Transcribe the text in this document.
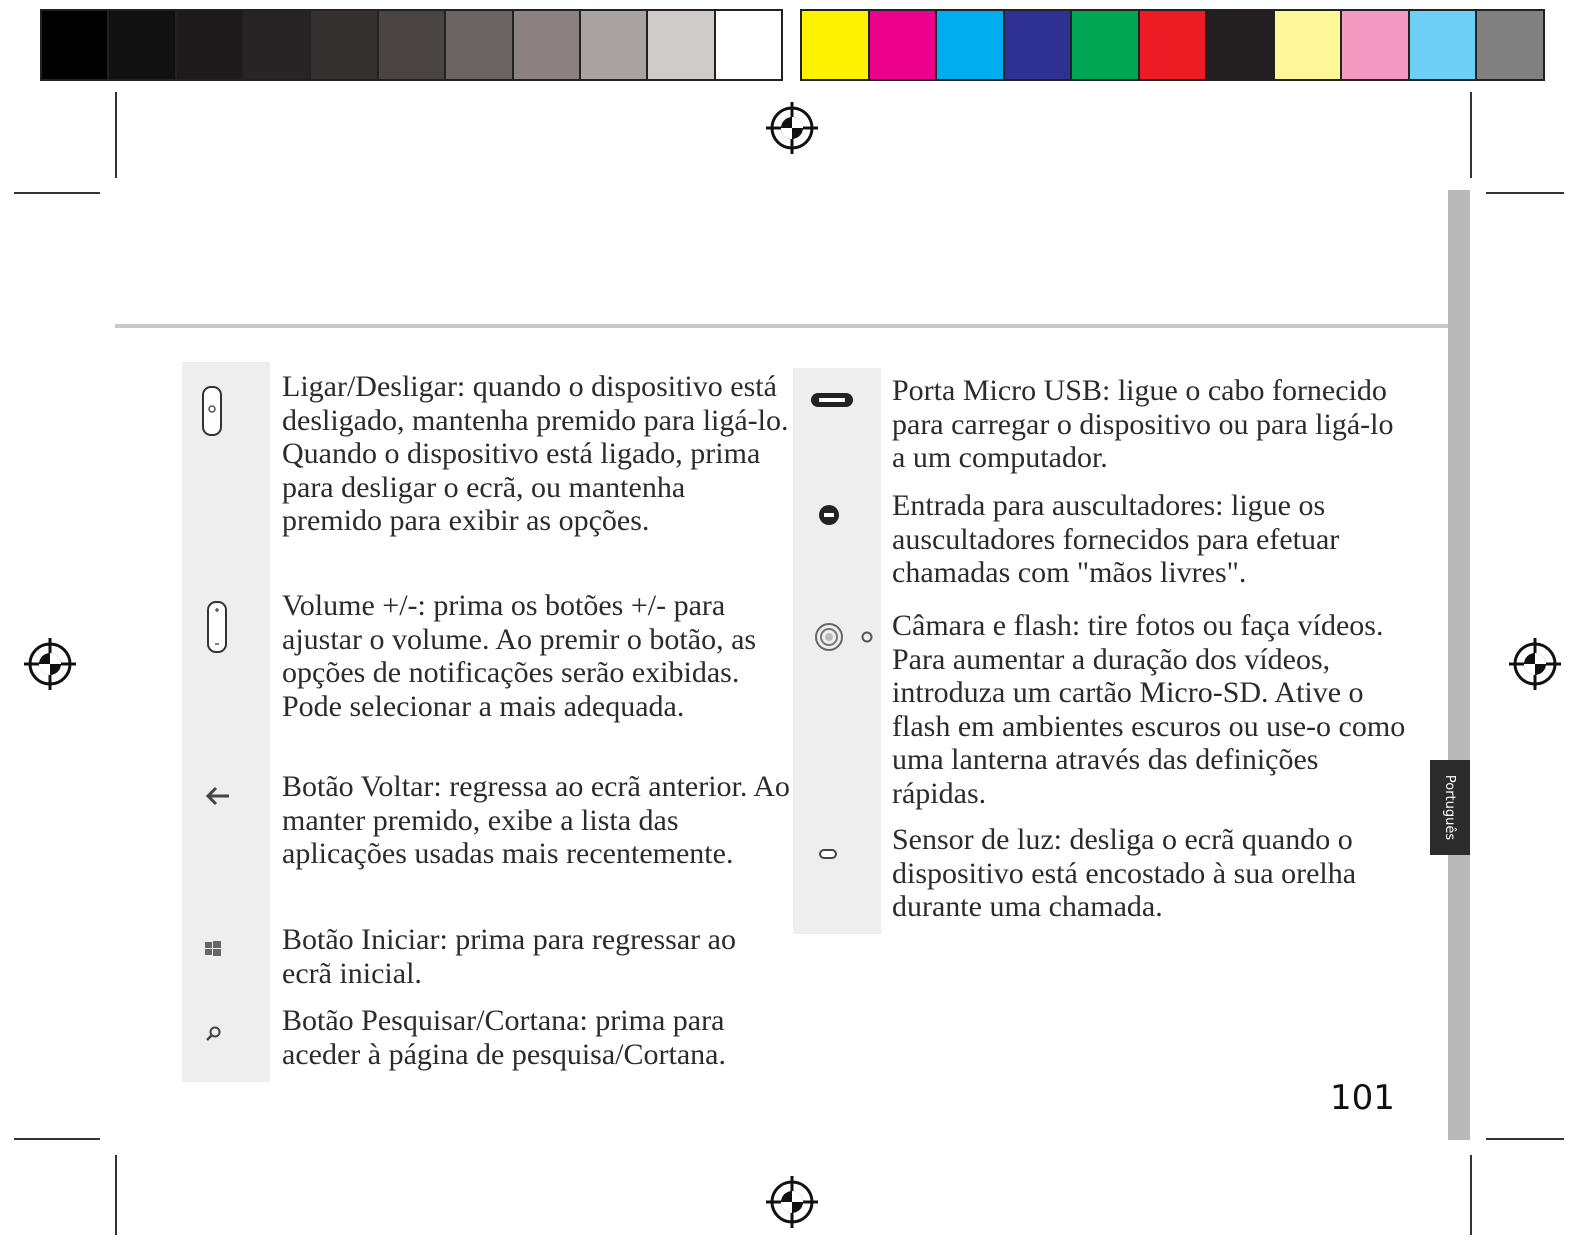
Português

Ligar/Desligar: quando o dispositivo está desligado, mantenha premido para ligá-lo. Quando o dispositivo está ligado, prima para desligar o ecrã, ou mantenha premido para exibir as opções.

Volume +/-: prima os botões +/- para ajustar o volume. Ao premir o botão, as opções de notificações serão exibidas. Pode selecionar a mais adequada.

Botão Voltar: regressa ao ecrã anterior. Ao manter premido, exibe a lista das aplicações usadas mais recentemente.

Botão Iniciar: prima para regressar ao ecrã inicial.

Botão Pesquisar/Cortana: prima para aceder à página de pesquisa/Cortana.

Porta Micro USB: ligue o cabo fornecido para carregar o dispositivo ou para ligá-lo a um computador.

Entrada para auscultadores: ligue os auscultadores fornecidos para efetuar chamadas com "mãos livres".

Câmara e flash: tire fotos ou faça vídeos. Para aumentar a duração dos vídeos, introduza um cartão Micro-SD. Ative o flash em ambientes escuros ou use-o como uma lanterna através das definições rápidas.

Sensor de luz: desliga o ecrã quando o dispositivo está encostado à sua orelha durante uma chamada.

101
